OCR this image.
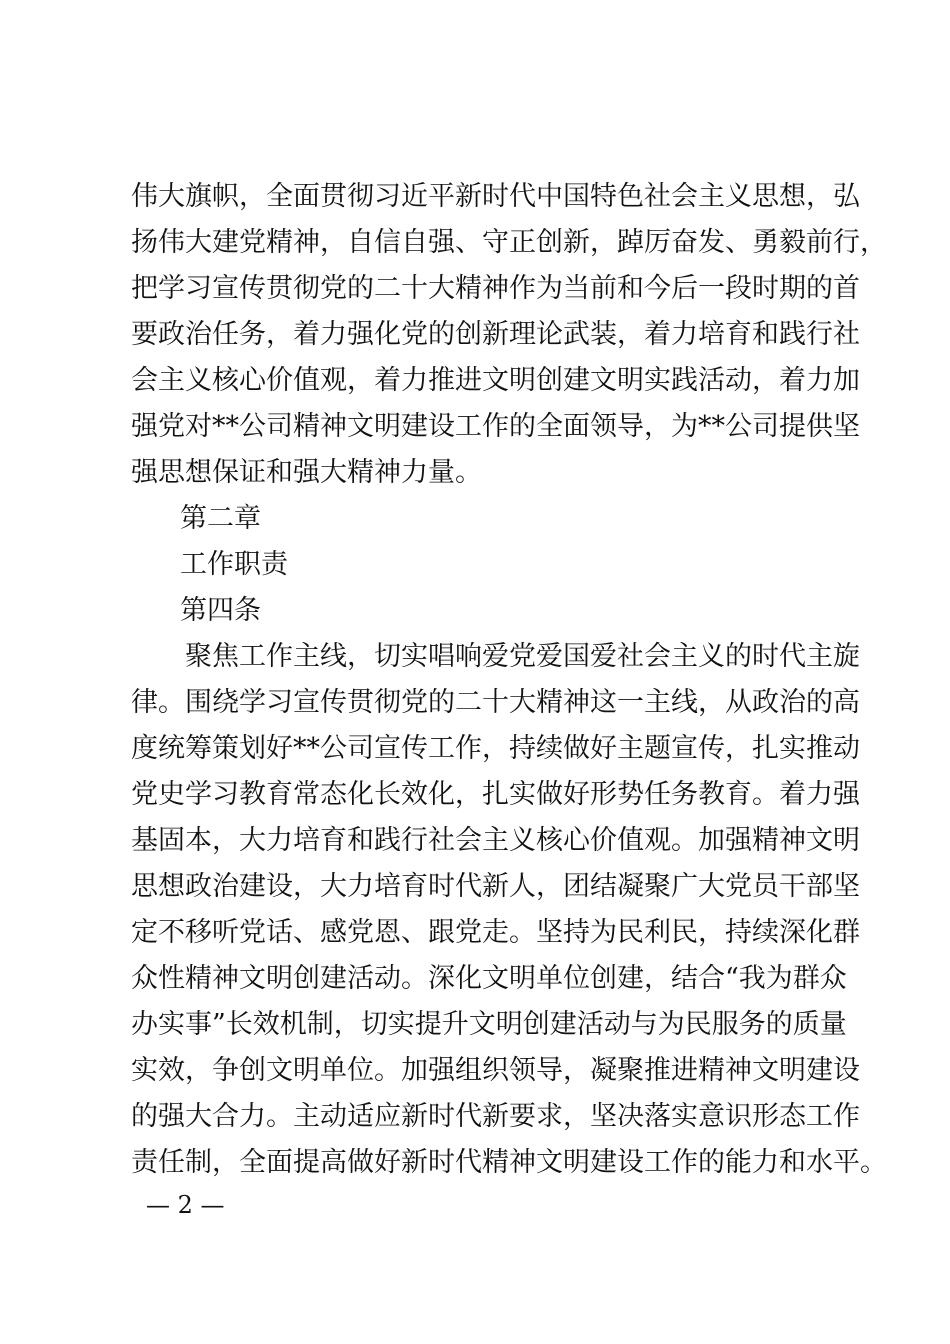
伟大旗帜，全面贯彻习近平新时代中国特色社会主义思想，弘
扬伟大建党精神，自信自强、守正创新，踔厉奋发、勇毅前行，
把学习宣传贯彻党的二十大精神作为当前和今后一段时期的首
要政治任务，着力强化党的创新理论武装，着力培育和践行社
会主义核心价值观，着力推进文明创建文明实践活动，着力加
强党对**公司精神文明建设工作的全面领导，为**公司提供坚
强思想保证和强大精神力量。
第二章
工作职责
第四条
　　聚焦工作主线，切实唱响爱党爱国爱社会主义的时代主旋
律。围绕学习宣传贯彻党的二十大精神这一主线，从政治的高
度统筹策划好**公司宣传工作，持续做好主题宣传，扎实推动
党史学习教育常态化长效化，扎实做好形势任务教育。着力强
基固本，大力培育和践行社会主义核心价值观。加强精神文明
思想政治建设，大力培育时代新人，团结凝聚广大党员干部坚
定不移听党话、感党恩、跟党走。坚持为民利民，持续深化群
众性精神文明创建活动。深化文明单位创建，结合“我为群众
办实事”长效机制，切实提升文明创建活动与为民服务的质量
实效，争创文明单位。加强组织领导，凝聚推进精神文明建设
的强大合力。主动适应新时代新要求，坚决落实意识形态工作
责任制，全面提高做好新时代精神文明建设工作的能力和水平。
— 2 —
